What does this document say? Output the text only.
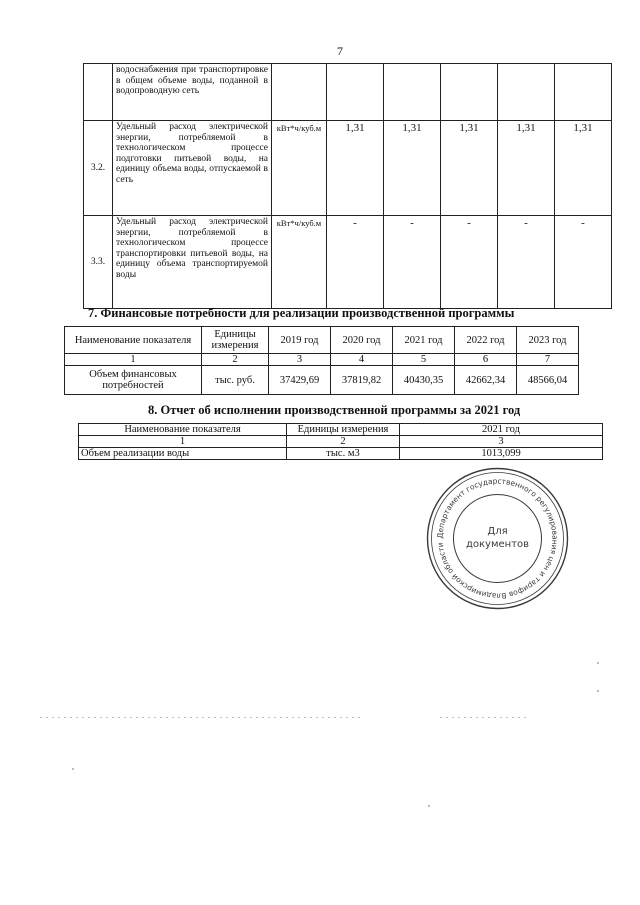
7
	водоснабжения при транспортировке в общем объеме воды, поданной в водопроводную сеть						
3.2.	Удельный расход электрической энергии, потребляемой в технологическом процессе подготовки питьевой воды, на единицу объема воды, отпускаемой в сеть	кВт*ч/куб.м	1,31	1,31	1,31	1,31	1,31
3.3.	Удельный расход электрической энергии, потребляемой в технологическом процессе транспортировки питьевой воды, на единицу объема транспортируемой воды	кВт*ч/куб.м	-	-	-	-	-
7. Финансовые потребности для реализации производственной программы
Наименование показателя	Единицы измерения	2019 год	2020 год	2021 год	2022 год	2023 год
1	2	3	4	5	6	7
Объем финансовых потребностей	тыс. руб.	37429,69	37819,82	40430,35	42662,34	48566,04
8. Отчет об исполнении производственной программы за 2021 год
Наименование показателя	Единицы измерения	2021 год
1	2	3
Объем реализации воды	тыс. м3	1013,099
Департамент государственного регулирования цен и тарифов Владимирской области
Для
документов
